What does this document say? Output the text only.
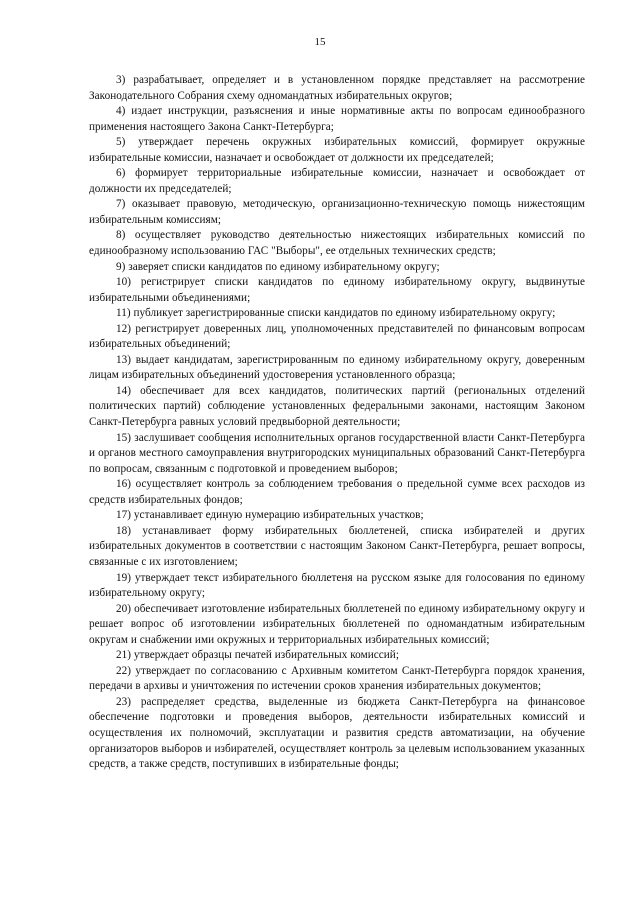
15

3) разрабатывает, определяет и в установленном порядке представляет на рассмотрение Законодательного Собрания схему одномандатных избирательных округов;

4) издает инструкции, разъяснения и иные нормативные акты по вопросам единообразного применения настоящего Закона Санкт-Петербурга;

5) утверждает перечень окружных избирательных комиссий, формирует окружные избирательные комиссии, назначает и освобождает от должности их председателей;

6) формирует территориальные избирательные комиссии, назначает и освобождает от должности их председателей;

7) оказывает правовую, методическую, организационно-техническую помощь нижестоящим избирательным комиссиям;

8) осуществляет руководство деятельностью нижестоящих избирательных комиссий по единообразному использованию ГАС "Выборы", ее отдельных технических средств;

9) заверяет списки кандидатов по единому избирательному округу;

10) регистрирует списки кандидатов по единому избирательному округу, выдвинутые избирательными объединениями;

11) публикует зарегистрированные списки кандидатов по единому избирательному округу;

12) регистрирует доверенных лиц, уполномоченных представителей по финансовым вопросам избирательных объединений;

13) выдает кандидатам, зарегистрированным по единому избирательному округу, доверенным лицам избирательных объединений удостоверения установленного образца;

14) обеспечивает для всех кандидатов, политических партий (региональных отделений политических партий) соблюдение установленных федеральными законами, настоящим Законом Санкт-Петербурга равных условий предвыборной деятельности;

15) заслушивает сообщения исполнительных органов государственной власти Санкт-Петербурга и органов местного самоуправления внутригородских муниципальных образований Санкт-Петербурга по вопросам, связанным с подготовкой и проведением выборов;

16) осуществляет контроль за соблюдением требования о предельной сумме всех расходов из средств избирательных фондов;

17) устанавливает единую нумерацию избирательных участков;

18) устанавливает форму избирательных бюллетеней, списка избирателей и других избирательных документов в соответствии с настоящим Законом Санкт-Петербурга, решает вопросы, связанные с их изготовлением;

19) утверждает текст избирательного бюллетеня на русском языке для голосования по единому избирательному округу;

20) обеспечивает изготовление избирательных бюллетеней по единому избирательному округу и решает вопрос об изготовлении избирательных бюллетеней по одномандатным избирательным округам и снабжении ими окружных и территориальных избирательных комиссий;

21) утверждает образцы печатей избирательных комиссий;

22) утверждает по согласованию с Архивным комитетом Санкт-Петербурга порядок хранения, передачи в архивы и уничтожения по истечении сроков хранения избирательных документов;

23) распределяет средства, выделенные из бюджета Санкт-Петербурга на финансовое обеспечение подготовки и проведения выборов, деятельности избирательных комиссий и осуществления их полномочий, эксплуатации и развития средств автоматизации, на обучение организаторов выборов и избирателей, осуществляет контроль за целевым использованием указанных средств, а также средств, поступивших в избирательные фонды;
